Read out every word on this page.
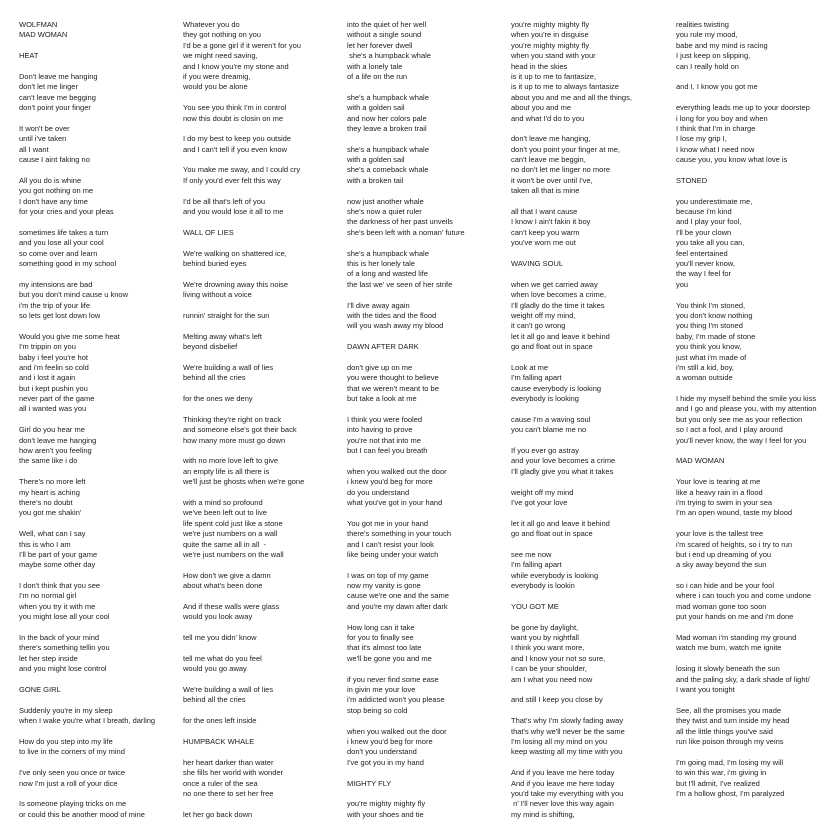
WOLFMAN
MAD WOMAN
HEAT
Don't leave me hanging
don't let me linger
can't leave me begging
don't point your finger
It won't be over
until i've taken
all I want
cause I aint faking no
All you do is whine
you got nothing on me
I don't have any time
for your cries and your pleas
sometimes life takes a turn
and you lose all your cool
so come over and learn
something good in my school
my intensions are bad
but you don't mind cause u know
i'm the trip of your life
so lets get lost down low
Would you give me some heat
I'm trippin on you
baby i feel you're hot
and i'm feelin so cold
and i lost it again
but i kept pushin you
never part of the game
all i wanted was you
Girl do you hear me
don't leave me hanging
how aren't you feeling
the same like i do
There's no more left
my heart is aching
there's no doubt
you got me shakin'
Well, what can I say
this is who I am
I'll be part of your game
maybe some other day
I don't think that you see
I'm no normal girl
when you try it with me
you might lose all your cool
In the back of your mind
there's something tellin you
let her step inside
and you might lose control
GONE GIRL
Suddenly you're in my sleep
when I wake you're what I breath, darling
How do you step into my life
to live in the corners of my mind
I've only seen you once or twice
now I'm just a roll of your dice
Is someone playing tricks on me
or could this be another mood of mine
Whatever you do
they got nothing on you
I'd be a gone girl if it weren't for you
we might need saving,
and I know you're my stone and
if you were dreamig,
would you be alone
You see you think I'm in control
now this doubt is closin on me
I do my best to keep you outside
and I can't tell if you even know
You make me sway, and I could cry
If only you'd ever felt this way
I'd be all that's left of you
and you would lose it all to me
WALL OF LIES
We're walking on shattered ice,
behind buried eyes
We're drowning away this noise
living without a voice
runnin' straight for the sun
Melting away what's left
beyond disbelief
We're building a wall of lies
behind all the cries
for the ones we deny
Thinking they're right on track
and someone else's got their back
how many more must go down
with no more love left to give
an empty life is all there is
we'll just be ghosts when we're gone
with a mind so profound
we've been left out to live
life spent cold just like a stone
we're just numbers on a wall
quite the same all in all  -
we're just numbers on the wall
How don't we give a damn
about what's been done
And if these walls were glass
would you look away
tell me you didn' know
tell me what do you feel
would you go away
We're building a wall of lies
behind all the cries
for the ones left inside
HUMPBACK WHALE
her heart darker than water
she fills her world with wonder
once a ruler of the sea
no one there to set her free
let her go back down
into the quiet of her well
without a single sound
let her forever dwell
she's a humpback whale
with a lonely tale
of a life on the run
she's a humpback whale
with a golden sail
and now her colors pale
they leave a broken trail
she's a humpback whale
with a golden sail
she's a comeback whale
with a broken tail
now just another whale
she's now a quiet ruler
the darkness of her past unveils
she's been left with a noman' future
she's a humpback whale
this is her lonely tale
of a long and wasted life
the last we' ve seen of her strife
I'll dive away again
with the tides and the flood
will you wash away my blood
DAWN AFTER DARK
don't give up on me
you were thought to believe
that we weren't meant to be
but take a look at me
I think you were fooled
into having to prove
you're not that into me
but I can feel you breath
when you walked out the door
i knew you'd beg for more
do you understand
what you've got in your hand
You got me in your hand
there's something in your touch
and I can't resist your look
like being under your watch
I was on top of my game
now my vanity is gone
cause we're one and the same
and you're my dawn after dark
How long can it take
for you to finally see
that it's almost too late
we'll be gone you and me
if you never find some ease
in givin me your love
i'm addicted won't you please
stop being so cold
when you walked out the door
i knew you'd beg for more
don't you understand
I've got you in my hand
MIGHTY FLY
you're mighty mighty fly
with your shoes and tie
you're mighty mighty fly
when you're in disguise
you're mighty mighty fly
when you stand with your
head in the skies
is it up to me to fantasize,
is it up to me to always fantasize
about you and me and all the things,
about you and me
and what I'd do to you
don't leave me hanging,
don't you point your finger at me,
can't leave me beggin,
no don't let me linger no more
it won't be over until I've,
taken all that is mine
all that I want cause
I know I ain't fakin it boy
can't keep you warm
you've worn me out
WAVING SOUL
when we get carried away
when love becomes a crime,
I'll gladly do the time it takes
weight off my mind,
it can't go wrong
let it all go and leave it behind
go and float out in space
Look at me
I'm falling apart
cause everybody is looking
everybody is looking
cause I'm a waving soul
you can't blame me no
If you ever go astray
and your love becomes a crime
I'll gladly give you what it takes
weight off my mind
I've got your love
let it all go and leave it behind
go and float out in space
see me now
I'm falling apart
while everybody is looking
everybody is lookin
YOU GOT ME
be gone by daylight,
want you by nightfall
I think you want more,
and I know your not so sure,
I can be your shoulder,
am I what you need now
and still I keep you close by
That's why I'm slowly fading away
that's why we'll never be the same
I'm losing all my mind on you
keep wasting all my time with you
And if you leave me here today
And if you leave me here today
you'd take my everything with you
n' I'll never love this way again
my mind is shifting,
realities twisting
you rule my mood,
babe and my mind is racing
I just keep on slipping,
can I really hold on
and I, I know you got me
everything leads me up to your doorstep
i long for you boy and when
I think that I'm in charge
I lose my grip I,
I know what I need now
cause you, you know what love is
STONED
you underestimate me,
because i'm kind
and I play your fool,
I'll be your clown
you take all you can,
feel entertained
you'll never know,
the way I feel for
you
You think I'm stoned,
you don't know nothing
you thing I'm stoned
baby, I'm made of stone
you think you know,
just what i'm made of
i'm still a kid, boy,
a woman outside
I hide my myself behind the smile you kiss
and I go and please you, with my attention
but you only see me as your reflection
so I act a fool, and I play around
you'll never know, the way I feel for you
MAD WOMAN
Your love is tearing at me
like a heavy rain in a flood
i'm trying to swim in your sea
I'm an open wound, taste my blood
your love is the tallest tree
i'm scared of heights, so i try to run
but i end up dreaming of you
a sky away beyond the sun
so i can hide and be your fool
where i can touch you and come undone
mad woman gone too soon
put your hands on me and i'm done
Mad woman i'm standing my ground
watch me burn, watch me ignite
losing it slowly beneath the sun
and the paling sky, a dark shade of light/
I want you tonight
See, all the promises you made
they twist and turn inside my head
all the little things you've said
run like poison through my veins
I'm going mad, I'm losing my will
to win this war, i'm giving in
but I'll admit, I've realized
I'm a hollow ghost, I'm paralyzed
